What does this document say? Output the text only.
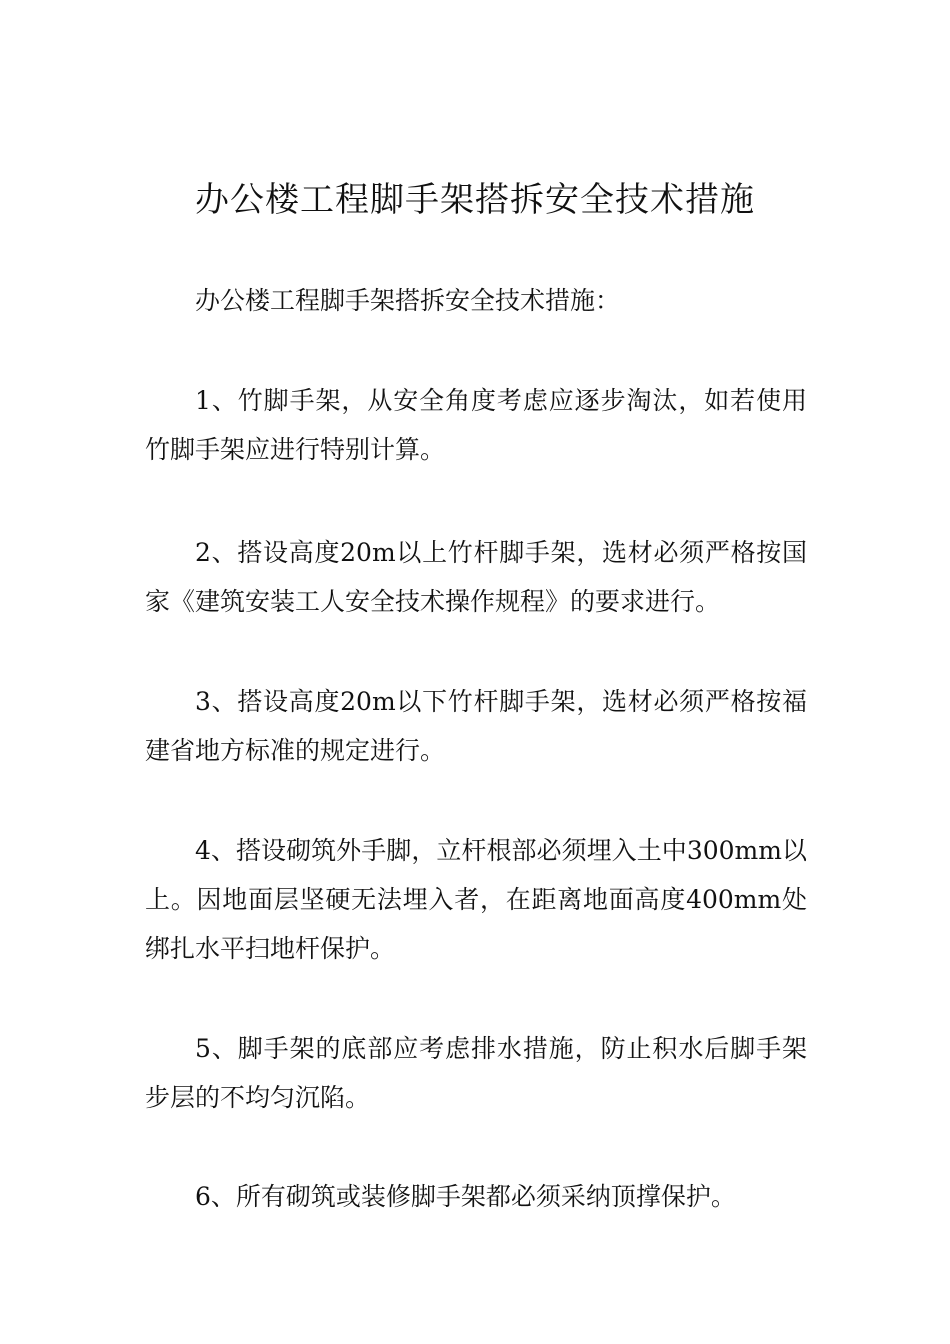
办公楼工程脚手架搭拆安全技术措施

办公楼工程脚手架搭拆安全技术措施：

1、竹脚手架，从安全角度考虑应逐步淘汰，如若使用竹脚手架应进行特别计算。

2、搭设高度20m以上竹杆脚手架，选材必须严格按国家《建筑安装工人安全技术操作规程》的要求进行。

3、搭设高度20m以下竹杆脚手架，选材必须严格按福建省地方标准的规定进行。

4、搭设砌筑外手脚，立杆根部必须埋入土中300mm以上。因地面层坚硬无法埋入者，在距离地面高度400mm处绑扎水平扫地杆保护。

5、脚手架的底部应考虑排水措施，防止积水后脚手架步层的不均匀沉陷。

6、所有砌筑或装修脚手架都必须采纳顶撑保护。
